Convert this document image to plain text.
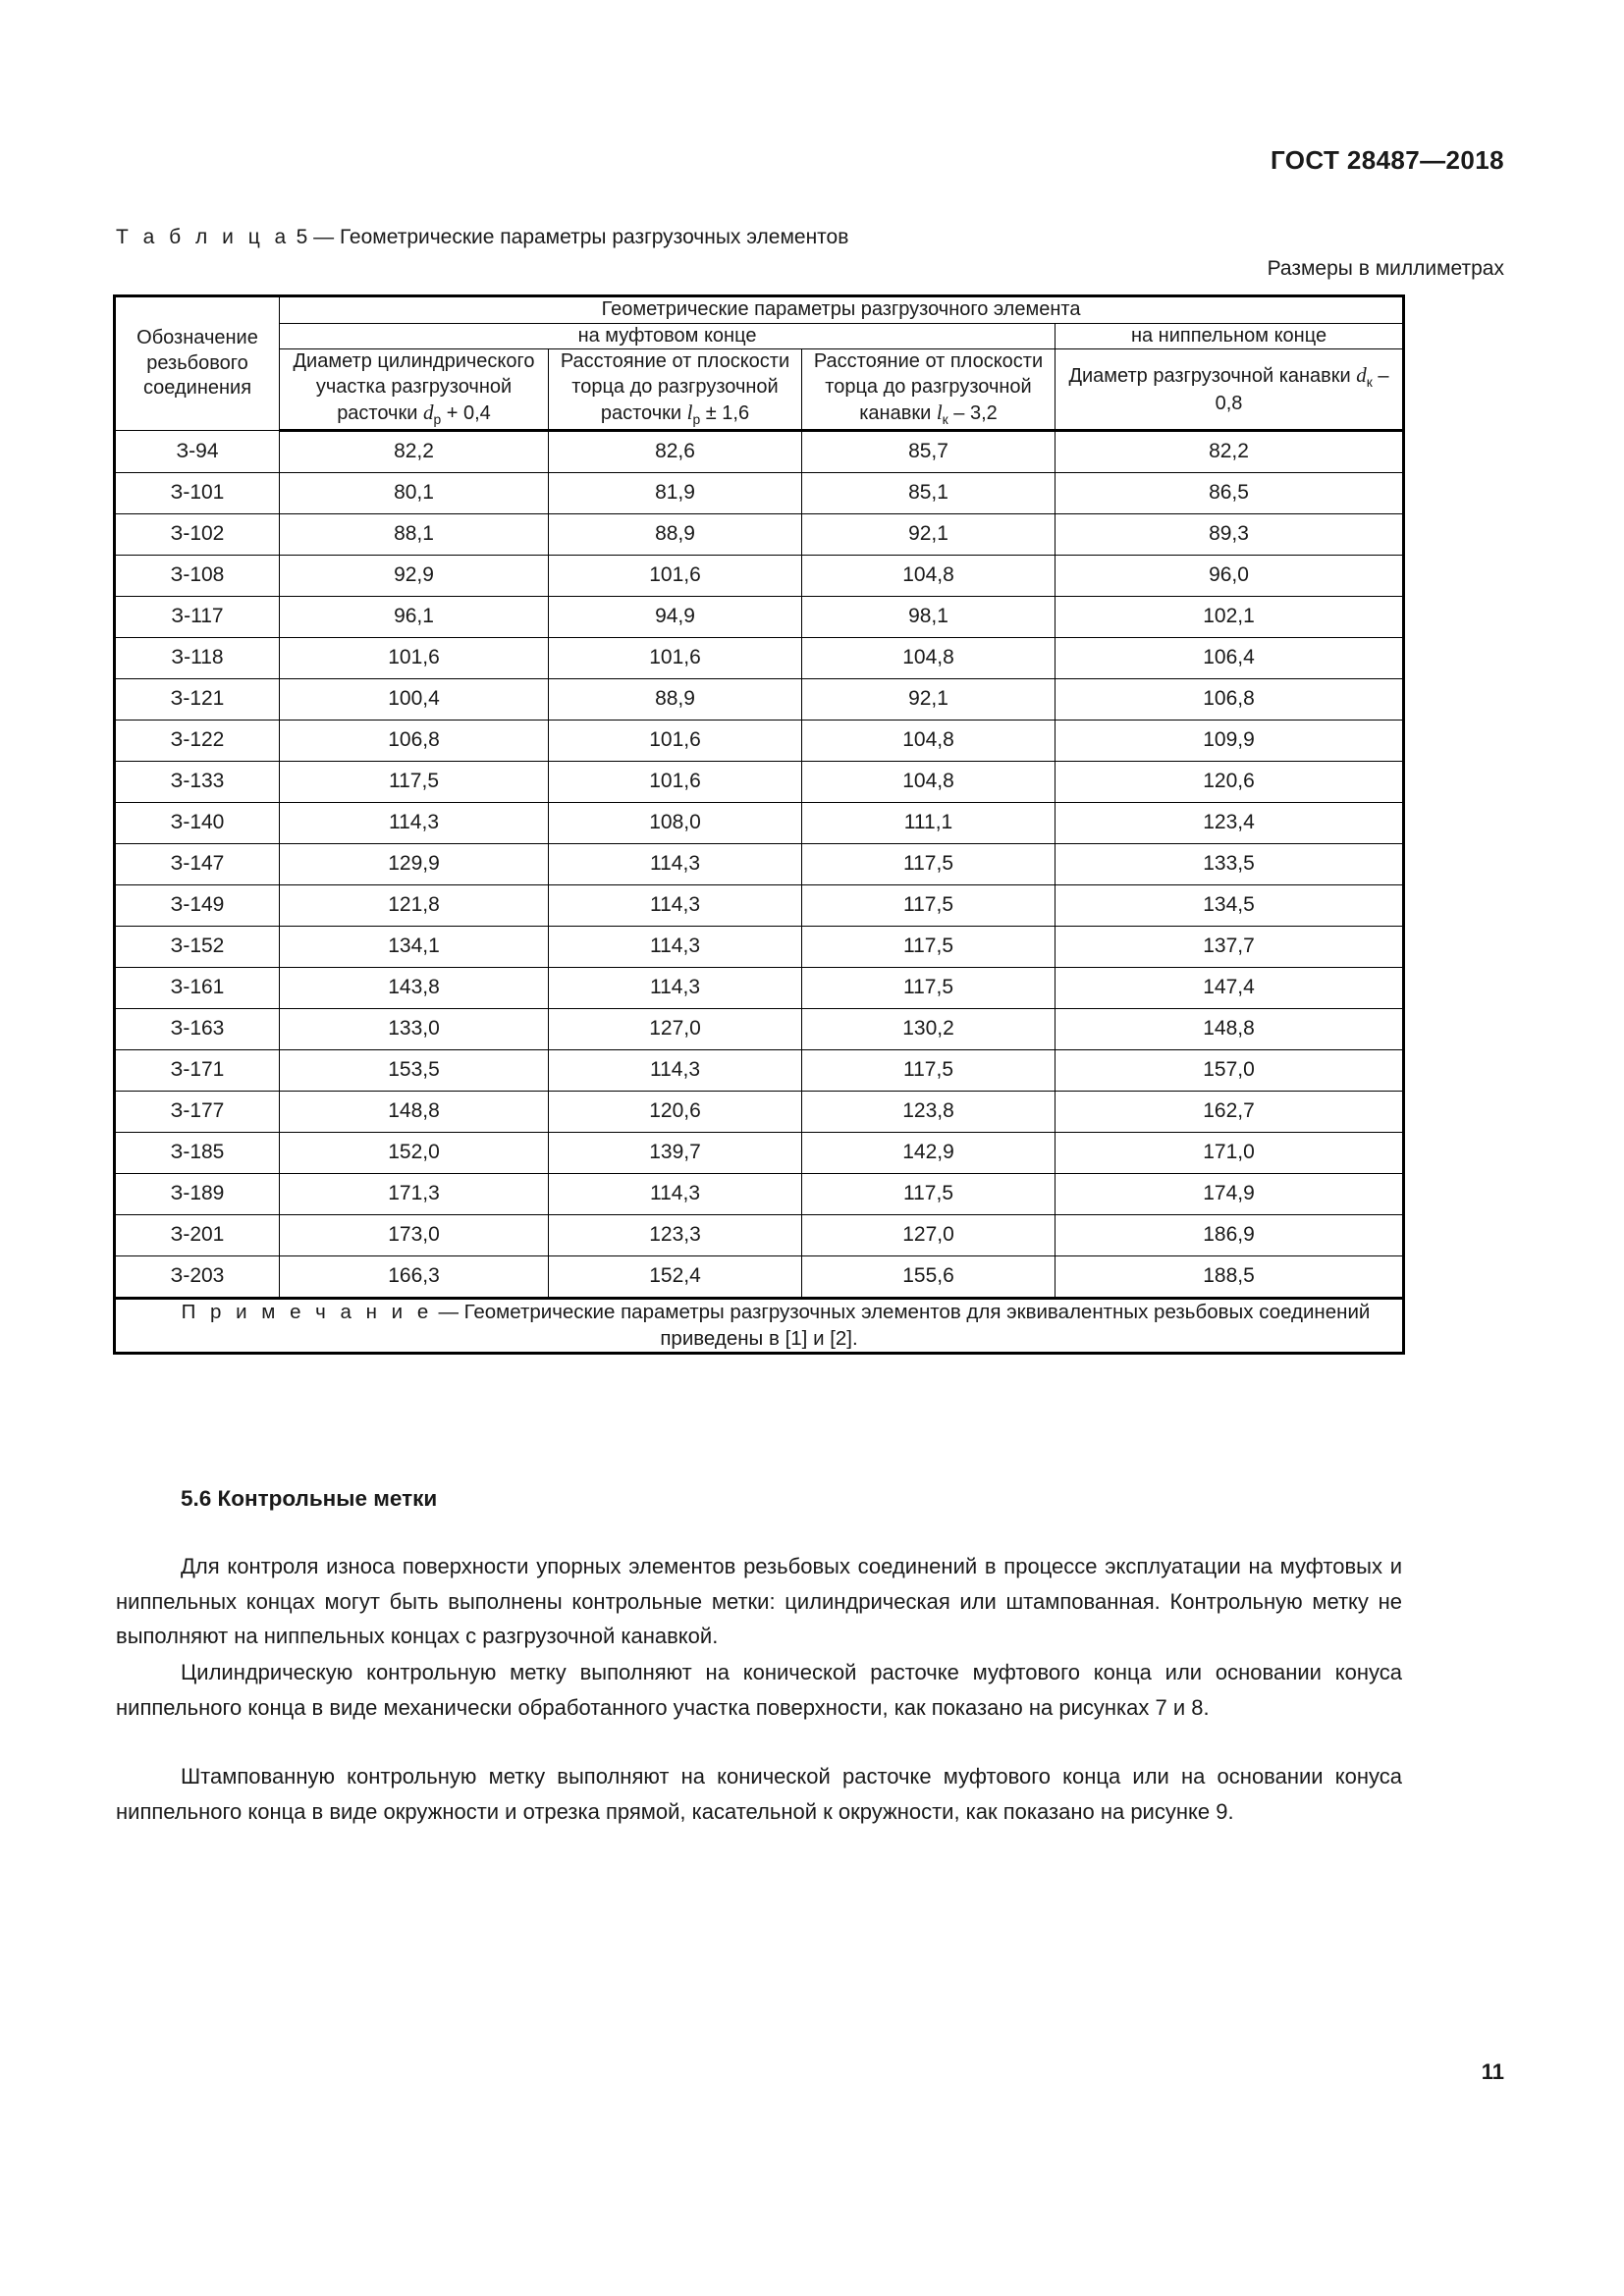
ГОСТ 28487—2018
Т а б л и ц а 5 — Геометрические параметры разгрузочных элементов
Размеры в миллиметрах
Обозначение резьбового соединения	Геометрические параметры разгрузочного элемента			
	на муфтовом конце			на ниппельном конце
	Диаметр цилиндрического участка разгрузочной расточки $d_р + 0,4$	Расстояние от плоскости торца до разгрузочной расточки $l_р \pm 1,6$	Расстояние от плоскости торца до разгрузочной канавки $l_к - 3,2$	Диаметр разгрузочной канавки $d_к - 0,8$
З-94	82,2	82,6	85,7	82,2
З-101	80,1	81,9	85,1	86,5
З-102	88,1	88,9	92,1	89,3
З-108	92,9	101,6	104,8	96,0
З-117	96,1	94,9	98,1	102,1
З-118	101,6	101,6	104,8	106,4
З-121	100,4	88,9	92,1	106,8
З-122	106,8	101,6	104,8	109,9
З-133	117,5	101,6	104,8	120,6
З-140	114,3	108,0	111,1	123,4
З-147	129,9	114,3	117,5	133,5
З-149	121,8	114,3	117,5	134,5
З-152	134,1	114,3	117,5	137,7
З-161	143,8	114,3	117,5	147,4
З-163	133,0	127,0	130,2	148,8
З-171	153,5	114,3	117,5	157,0
З-177	148,8	120,6	123,8	162,7
З-185	152,0	139,7	142,9	171,0
З-189	171,3	114,3	117,5	174,9
З-201	173,0	123,3	127,0	186,9
З-203	166,3	152,4	155,6	188,5
П р и м е ч а н и е — Геометрические параметры разгрузочных элементов для эквивалентных резьбовых соединений приведены в [1] и [2].				
5.6 Контрольные метки

Для контроля износа поверхности упорных элементов резьбовых соединений в процессе эксплуатации на муфтовых и ниппельных концах могут быть выполнены контрольные метки: цилиндрическая или штампованная. Контрольную метку не выполняют на ниппельных концах с разгрузочной канавкой.

Цилиндрическую контрольную метку выполняют на конической расточке муфтового конца или основании конуса ниппельного конца в виде механически обработанного участка поверхности, как показано на рисунках 7 и 8.

Штампованную контрольную метку выполняют на конической расточке муфтового конца или на основании конуса ниппельного конца в виде окружности и отрезка прямой, касательной к окружности, как показано на рисунке 9.

11
